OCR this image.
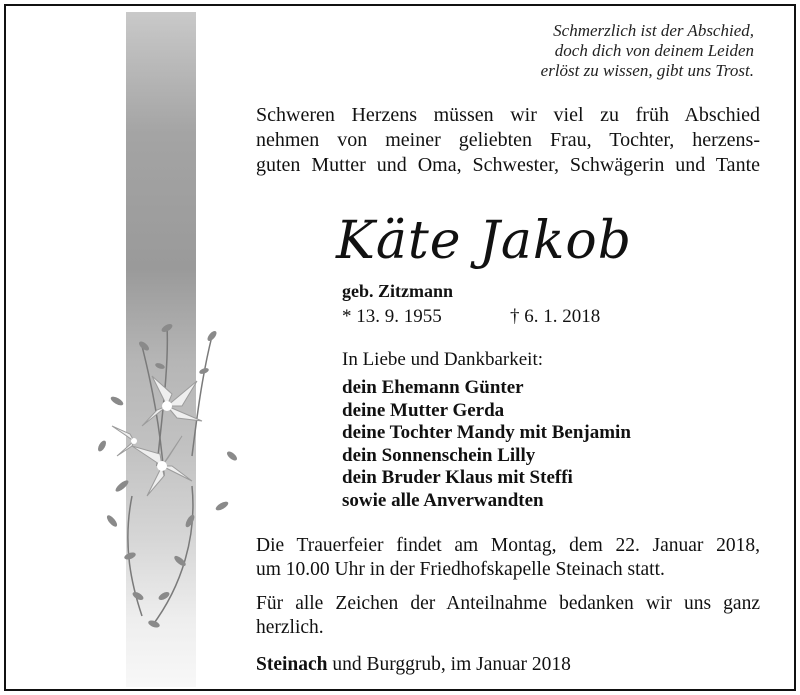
Schmerzlich ist der Abschied,
doch dich von deinem Leiden
erlöst zu wissen, gibt uns Trost.
Schweren Herzens müssen wir viel zu früh Abschied
nehmen von meiner geliebten Frau, Tochter, herzens-
guten Mutter und Oma, Schwester, Schwägerin und Tante
Käte Jakob
geb. Zitzmann
* 13. 9. 1955	† 6. 1. 2018
In Liebe und Dankbarkeit:
dein Ehemann Günter
deine Mutter Gerda
deine Tochter Mandy mit Benjamin
dein Sonnenschein Lilly
dein Bruder Klaus mit Steffi
sowie alle Anverwandten
Die Trauerfeier findet am Montag, dem 22. Januar 2018,
um 10.00 Uhr in der Friedhofskapelle Steinach statt.
Für alle Zeichen der Anteilnahme bedanken wir uns ganz
herzlich.
Steinach und Burggrub, im Januar 2018
